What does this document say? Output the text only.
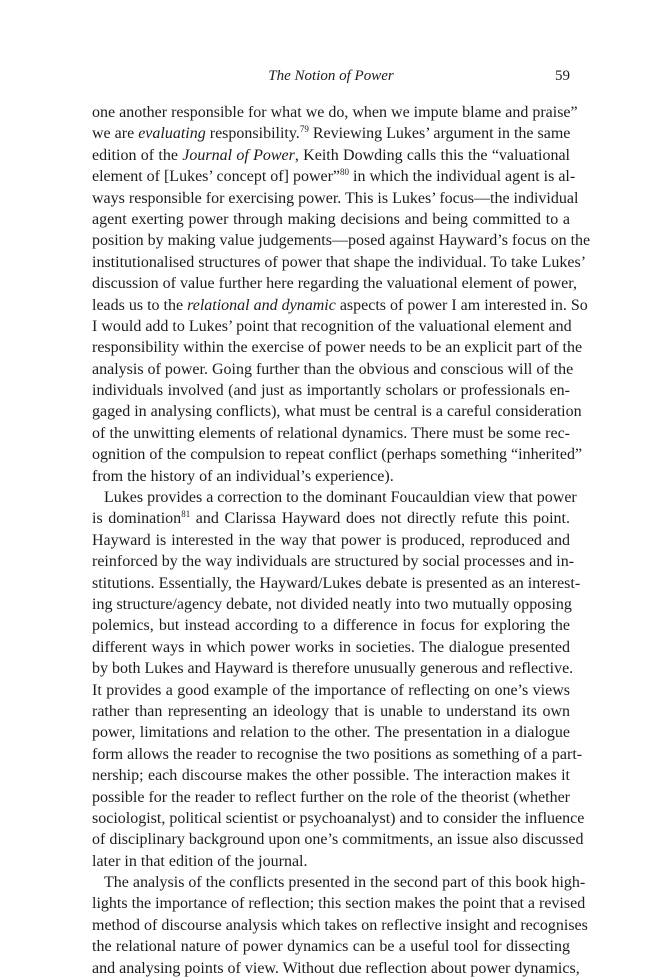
The Notion of Power	59
one another responsible for what we do, when we impute blame and praise”
we are evaluating responsibility.$^{79}$ Reviewing Lukes’ argument in the same
edition of the Journal of Power, Keith Dowding calls this the “valuational
element of [Lukes’ concept of] power”$^{80}$ in which the individual agent is al-
ways responsible for exercising power. This is Lukes’ focus—the individual
agent exerting power through making decisions and being committed to a
position by making value judgements—posed against Hayward’s focus on the
institutionalised structures of power that shape the individual. To take Lukes’
discussion of value further here regarding the valuational element of power,
leads us to the relational and dynamic aspects of power I am interested in. So
I would add to Lukes’ point that recognition of the valuational element and
responsibility within the exercise of power needs to be an explicit part of the
analysis of power. Going further than the obvious and conscious will of the
individuals involved (and just as importantly scholars or professionals en-
gaged in analysing conflicts), what must be central is a careful consideration
of the unwitting elements of relational dynamics. There must be some rec-
ognition of the compulsion to repeat conflict (perhaps something “inherited”
from the history of an individual’s experience).
Lukes provides a correction to the dominant Foucauldian view that power
is domination$^{81}$ and Clarissa Hayward does not directly refute this point.
Hayward is interested in the way that power is produced, reproduced and
reinforced by the way individuals are structured by social processes and in-
stitutions. Essentially, the Hayward/Lukes debate is presented as an interest-
ing structure/agency debate, not divided neatly into two mutually opposing
polemics, but instead according to a difference in focus for exploring the
different ways in which power works in societies. The dialogue presented
by both Lukes and Hayward is therefore unusually generous and reflective.
It provides a good example of the importance of reflecting on one’s views
rather than representing an ideology that is unable to understand its own
power, limitations and relation to the other. The presentation in a dialogue
form allows the reader to recognise the two positions as something of a part-
nership; each discourse makes the other possible. The interaction makes it
possible for the reader to reflect further on the role of the theorist (whether
sociologist, political scientist or psychoanalyst) and to consider the influence
of disciplinary background upon one’s commitments, an issue also discussed
later in that edition of the journal.
The analysis of the conflicts presented in the second part of this book high-
lights the importance of reflection; this section makes the point that a revised
method of discourse analysis which takes on reflective insight and recognises
the relational nature of power dynamics can be a useful tool for dissecting
and analysing points of view. Without due reflection about power dynamics,
